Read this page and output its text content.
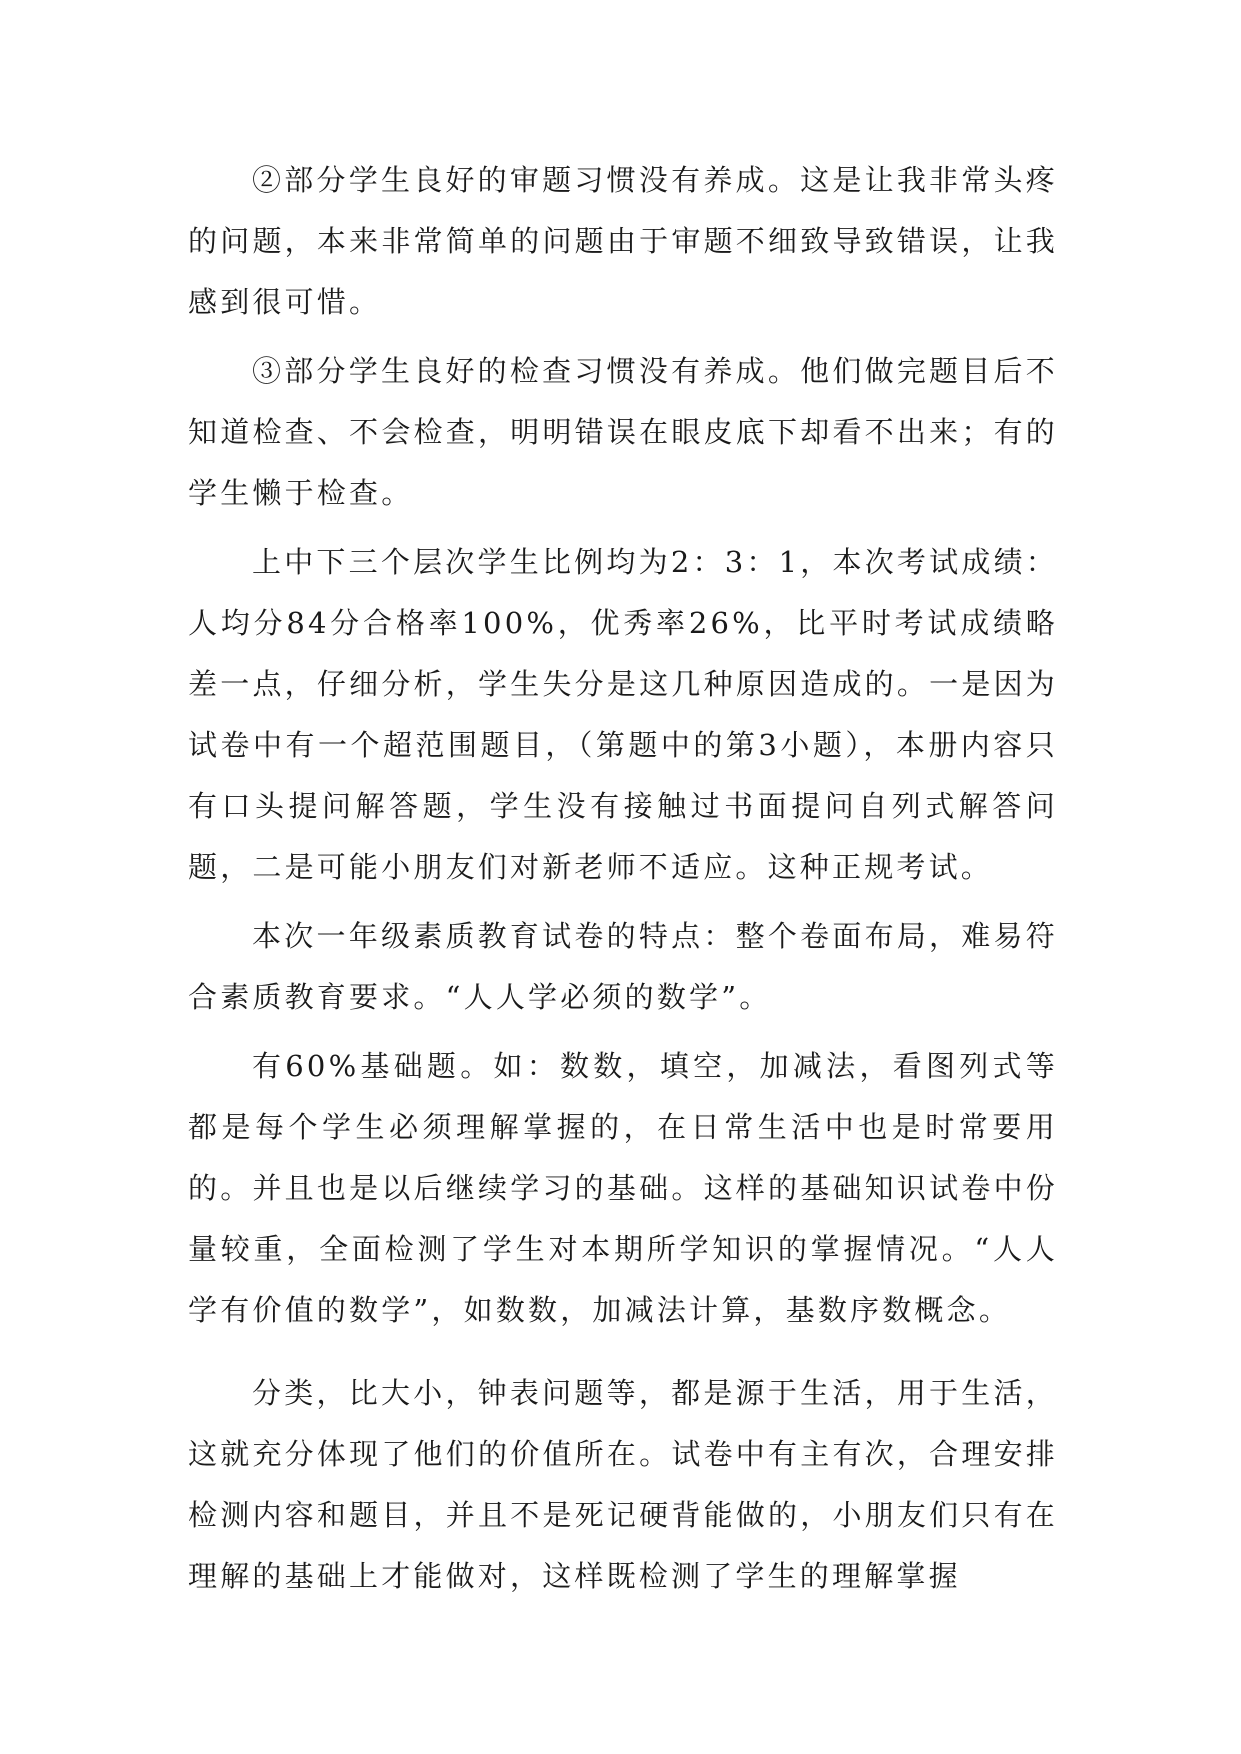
②部分学生良好的审题习惯没有养成。这是让我非常头疼的问题，本来非常简单的问题由于审题不细致导致错误，让我感到很可惜。

③部分学生良好的检查习惯没有养成。他们做完题目后不知道检查、不会检查，明明错误在眼皮底下却看不出来；有的学生懒于检查。

上中下三个层次学生比例均为2：3：1，本次考试成绩：人均分84分合格率100%，优秀率26%，比平时考试成绩略差一点，仔细分析，学生失分是这几种原因造成的。一是因为试卷中有一个超范围题目，（第题中的第3小题），本册内容只有口头提问解答题，学生没有接触过书面提问自列式解答问题，二是可能小朋友们对新老师不适应。这种正规考试。

本次一年级素质教育试卷的特点：整个卷面布局，难易符合素质教育要求。“人人学必须的数学”。

有60%基础题。如：数数，填空，加减法，看图列式等都是每个学生必须理解掌握的，在日常生活中也是时常要用的。并且也是以后继续学习的基础。这样的基础知识试卷中份量较重，全面检测了学生对本期所学知识的掌握情况。“人人学有价值的数学”，如数数，加减法计算，基数序数概念。

分类，比大小，钟表问题等，都是源于生活，用于生活，这就充分体现了他们的价值所在。试卷中有主有次，合理安排检测内容和题目，并且不是死记硬背能做的，小朋友们只有在理解的基础上才能做对，这样既检测了学生的理解掌握
